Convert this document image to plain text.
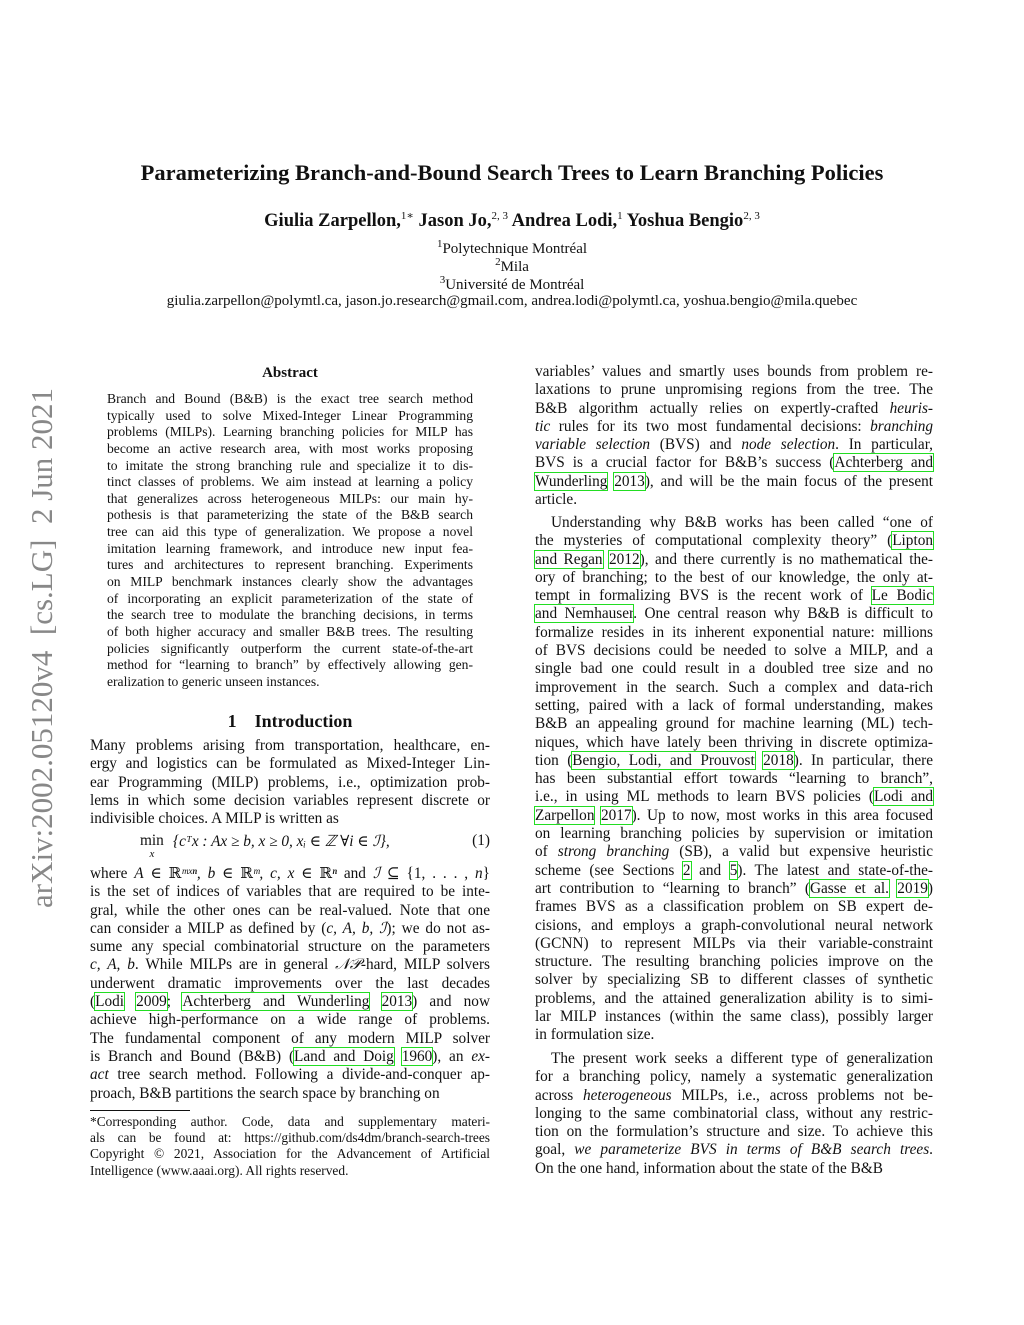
arXiv:2002.05120v4  [cs.LG]  2 Jun 2021
Parameterizing Branch-and-Bound Search Trees to Learn Branching Policies
Giulia Zarpellon,$^{1∗}$ Jason Jo,$^{2, 3}$ Andrea Lodi,$^1$ Yoshua Bengio$^{2, 3}$
$^1$Polytechnique Montréal
$^2$Mila
$^3$Université de Montréal
giulia.zarpellon@polymtl.ca, jason.jo.research@gmail.com, andrea.lodi@polymtl.ca, yoshua.bengio@mila.quebec
Abstract
Branch and Bound (B&B) is the exact tree search method
typically used to solve Mixed-Integer Linear Programming
problems (MILPs). Learning branching policies for MILP has
become an active research area, with most works proposing
to imitate the strong branching rule and specialize it to dis-
tinct classes of problems. We aim instead at learning a policy
that generalizes across heterogeneous MILPs: our main hy-
pothesis is that parameterizing the state of the B&B search
tree can aid this type of generalization. We propose a novel
imitation learning framework, and introduce new input fea-
tures and architectures to represent branching. Experiments
on MILP benchmark instances clearly show the advantages
of incorporating an explicit parameterization of the state of
the search tree to modulate the branching decisions, in terms
of both higher accuracy and smaller B&B trees. The resulting
policies significantly outperform the current state-of-the-art
method for “learning to branch” by effectively allowing gen-
eralization to generic unseen instances.
1 Introduction
Many problems arising from transportation, healthcare, en-
ergy and logistics can be formulated as Mixed-Integer Lin-
ear Programming (MILP) problems, i.e., optimization prob-
lems in which some decision variables represent discrete or
indivisible choices. A MILP is written as
min
$^x$
{cᵀx : Ax ≥ b, x ≥ 0, xᵢ ∈ ℤ ∀i ∈ ℐ},	(1)
where A ∈ ℝᵐˣⁿ, b ∈ ℝᵐ, c, x ∈ ℝⁿ and ℐ ⊆ {1, . . . , n}
is the set of indices of variables that are required to be inte-
gral, while the other ones can be real-valued. Note that one
can consider a MILP as defined by (c, A, b, ℐ); we do not as-
sume any special combinatorial structure on the parameters
c, A, b. While MILPs are in general 𝒩𝒫-hard, MILP solvers
underwent dramatic improvements over the last decades
(Lodi 2009; Achterberg and Wunderling 2013) and now
achieve high-performance on a wide range of problems.
The fundamental component of any modern MILP solver
is Branch and Bound (B&B) (Land and Doig 1960), an ex-
act tree search method. Following a divide-and-conquer ap-
proach, B&B partitions the search space by branching on
*Corresponding author. Code, data and supplementary materi-
als can be found at: https://github.com/ds4dm/branch-search-trees
Copyright © 2021, Association for the Advancement of Artificial
Intelligence (www.aaai.org). All rights reserved.
variables’ values and smartly uses bounds from problem re-
laxations to prune unpromising regions from the tree. The
B&B algorithm actually relies on expertly-crafted heuris-
tic rules for its two most fundamental decisions: branching
variable selection (BVS) and node selection. In particular,
BVS is a crucial factor for B&B’s success (Achterberg and
Wunderling 2013), and will be the main focus of the present
article.
Understanding why B&B works has been called “one of
the mysteries of computational complexity theory” (Lipton
and Regan 2012), and there currently is no mathematical the-
ory of branching; to the best of our knowledge, the only at-
tempt in formalizing BVS is the recent work of Le Bodic
and Nemhauser. One central reason why B&B is difficult to
formalize resides in its inherent exponential nature: millions
of BVS decisions could be needed to solve a MILP, and a
single bad one could result in a doubled tree size and no
improvement in the search. Such a complex and data-rich
setting, paired with a lack of formal understanding, makes
B&B an appealing ground for machine learning (ML) tech-
niques, which have lately been thriving in discrete optimiza-
tion (Bengio, Lodi, and Prouvost 2018). In particular, there
has been substantial effort towards “learning to branch”,
i.e., in using ML methods to learn BVS policies (Lodi and
Zarpellon 2017). Up to now, most works in this area focused
on learning branching policies by supervision or imitation
of strong branching (SB), a valid but expensive heuristic
scheme (see Sections 2 and 5). The latest and state-of-the-
art contribution to “learning to branch” (Gasse et al. 2019)
frames BVS as a classification problem on SB expert de-
cisions, and employs a graph-convolutional neural network
(GCNN) to represent MILPs via their variable-constraint
structure. The resulting branching policies improve on the
solver by specializing SB to different classes of synthetic
problems, and the attained generalization ability is to simi-
lar MILP instances (within the same class), possibly larger
in formulation size.
The present work seeks a different type of generalization
for a branching policy, namely a systematic generalization
across heterogeneous MILPs, i.e., across problems not be-
longing to the same combinatorial class, without any restric-
tion on the formulation’s structure and size. To achieve this
goal, we parameterize BVS in terms of B&B search trees.
On the one hand, information about the state of the B&B
